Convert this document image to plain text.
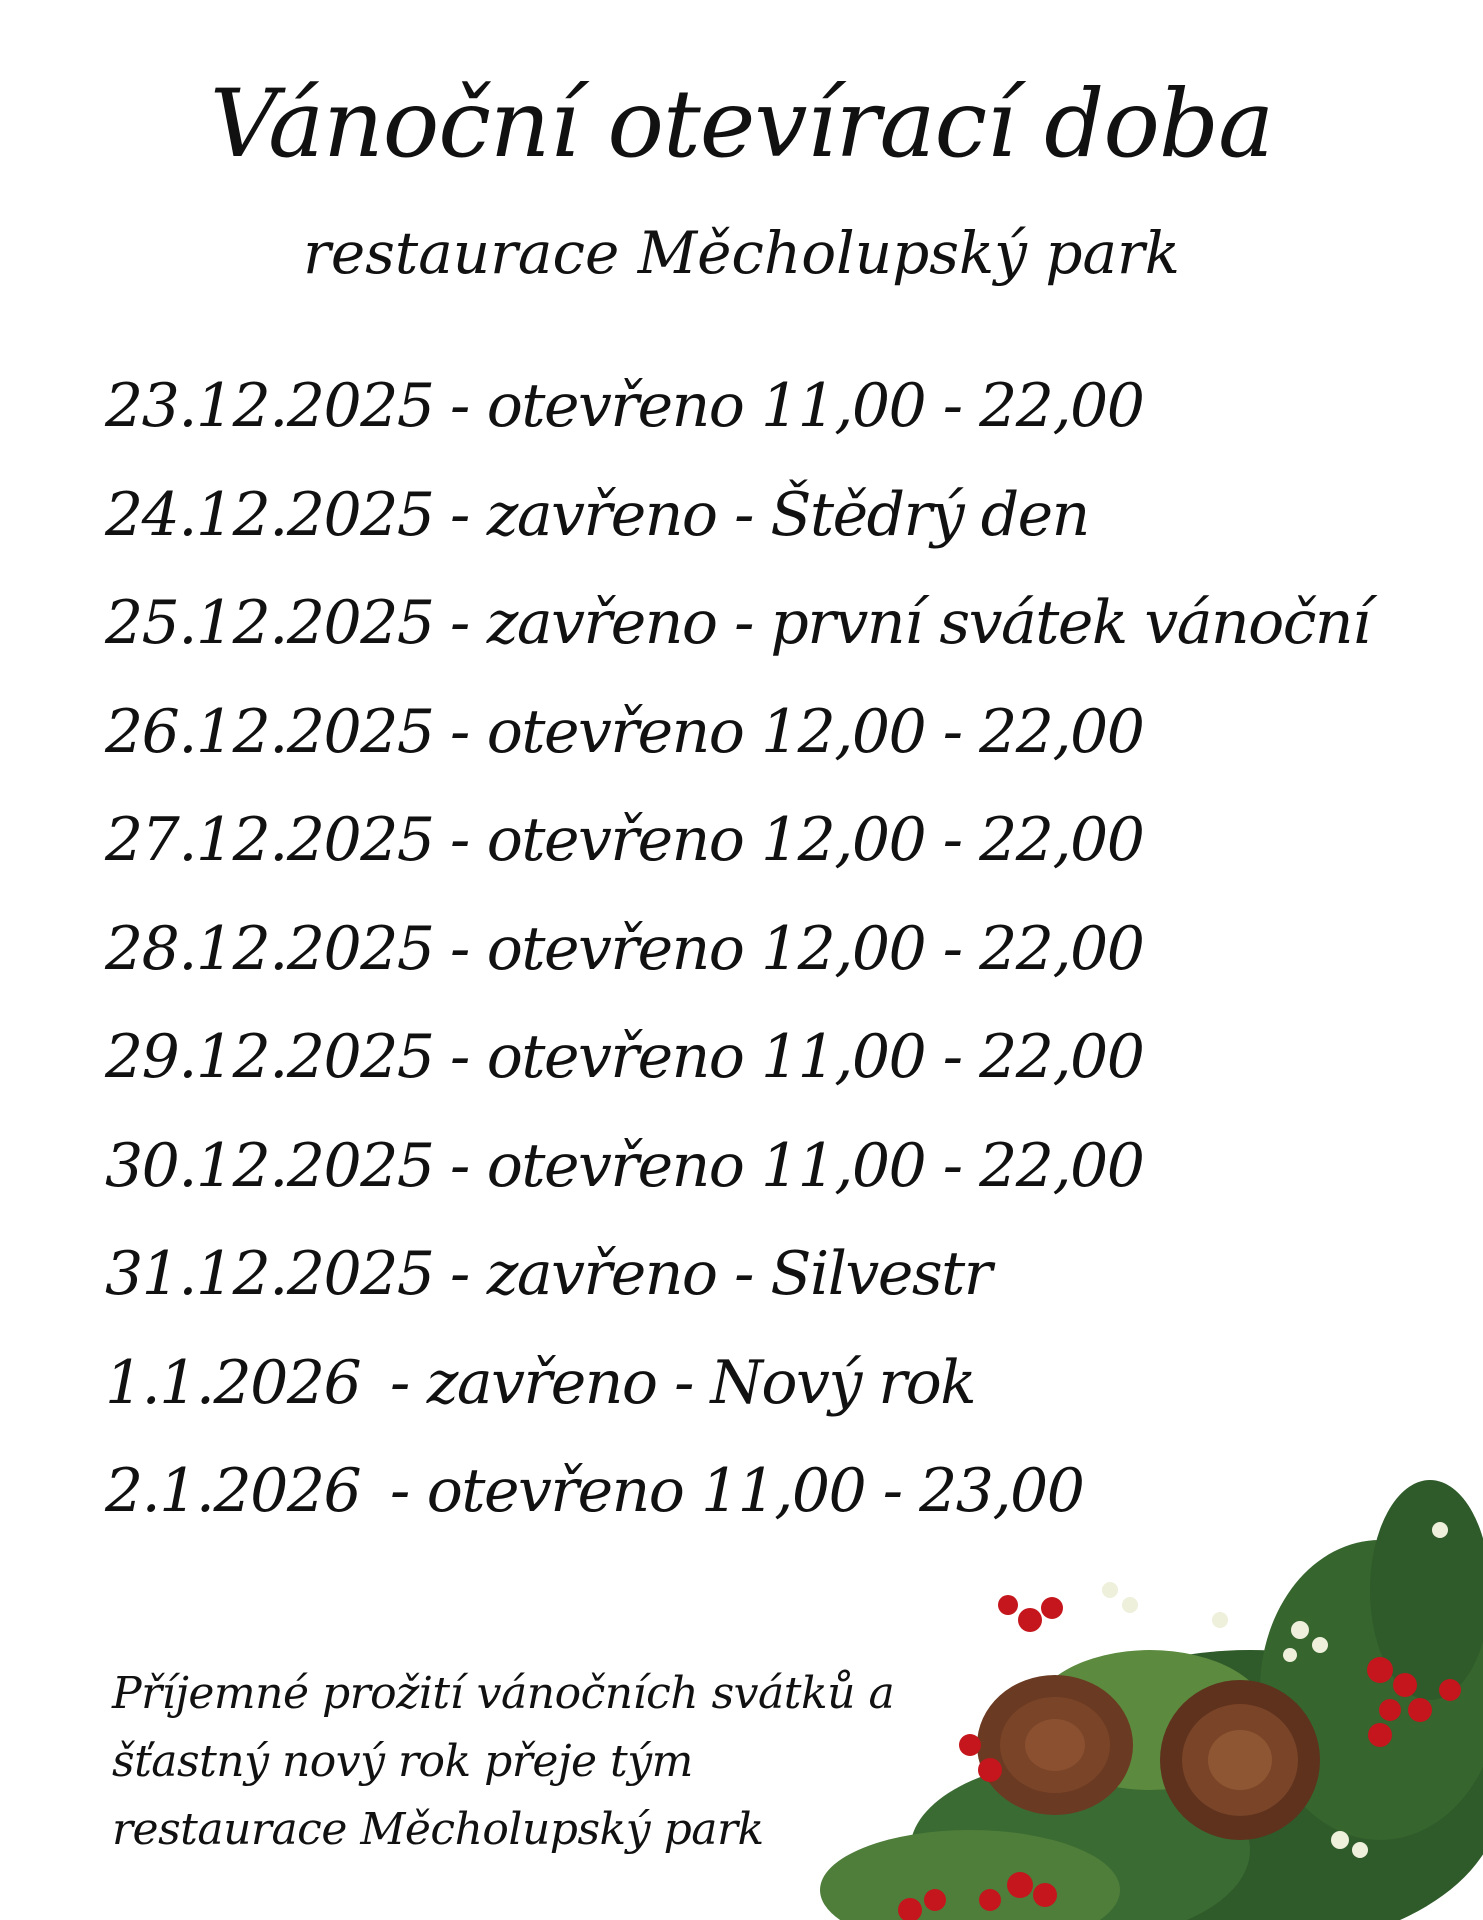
Vánoční otevírací doba
restaurace Měcholupský park
23.12.2025 - otevřeno 11,00 - 22,00
24.12.2025 - zavřeno - Štědrý den
25.12.2025 - zavřeno - první svátek vánoční
26.12.2025 - otevřeno 12,00 - 22,00
27.12.2025 - otevřeno 12,00 - 22,00
28.12.2025 - otevřeno 12,00 - 22,00
29.12.2025 - otevřeno 11,00 - 22,00
30.12.2025 - otevřeno 11,00 - 22,00
31.12.2025 - zavřeno - Silvestr
1.1.2026 - zavřeno - Nový rok
2.1.2026 - otevřeno 11,00 - 23,00
Příjemné prožití vánočních svátků a
šťastný nový rok přeje tým
restaurace Měcholupský park
